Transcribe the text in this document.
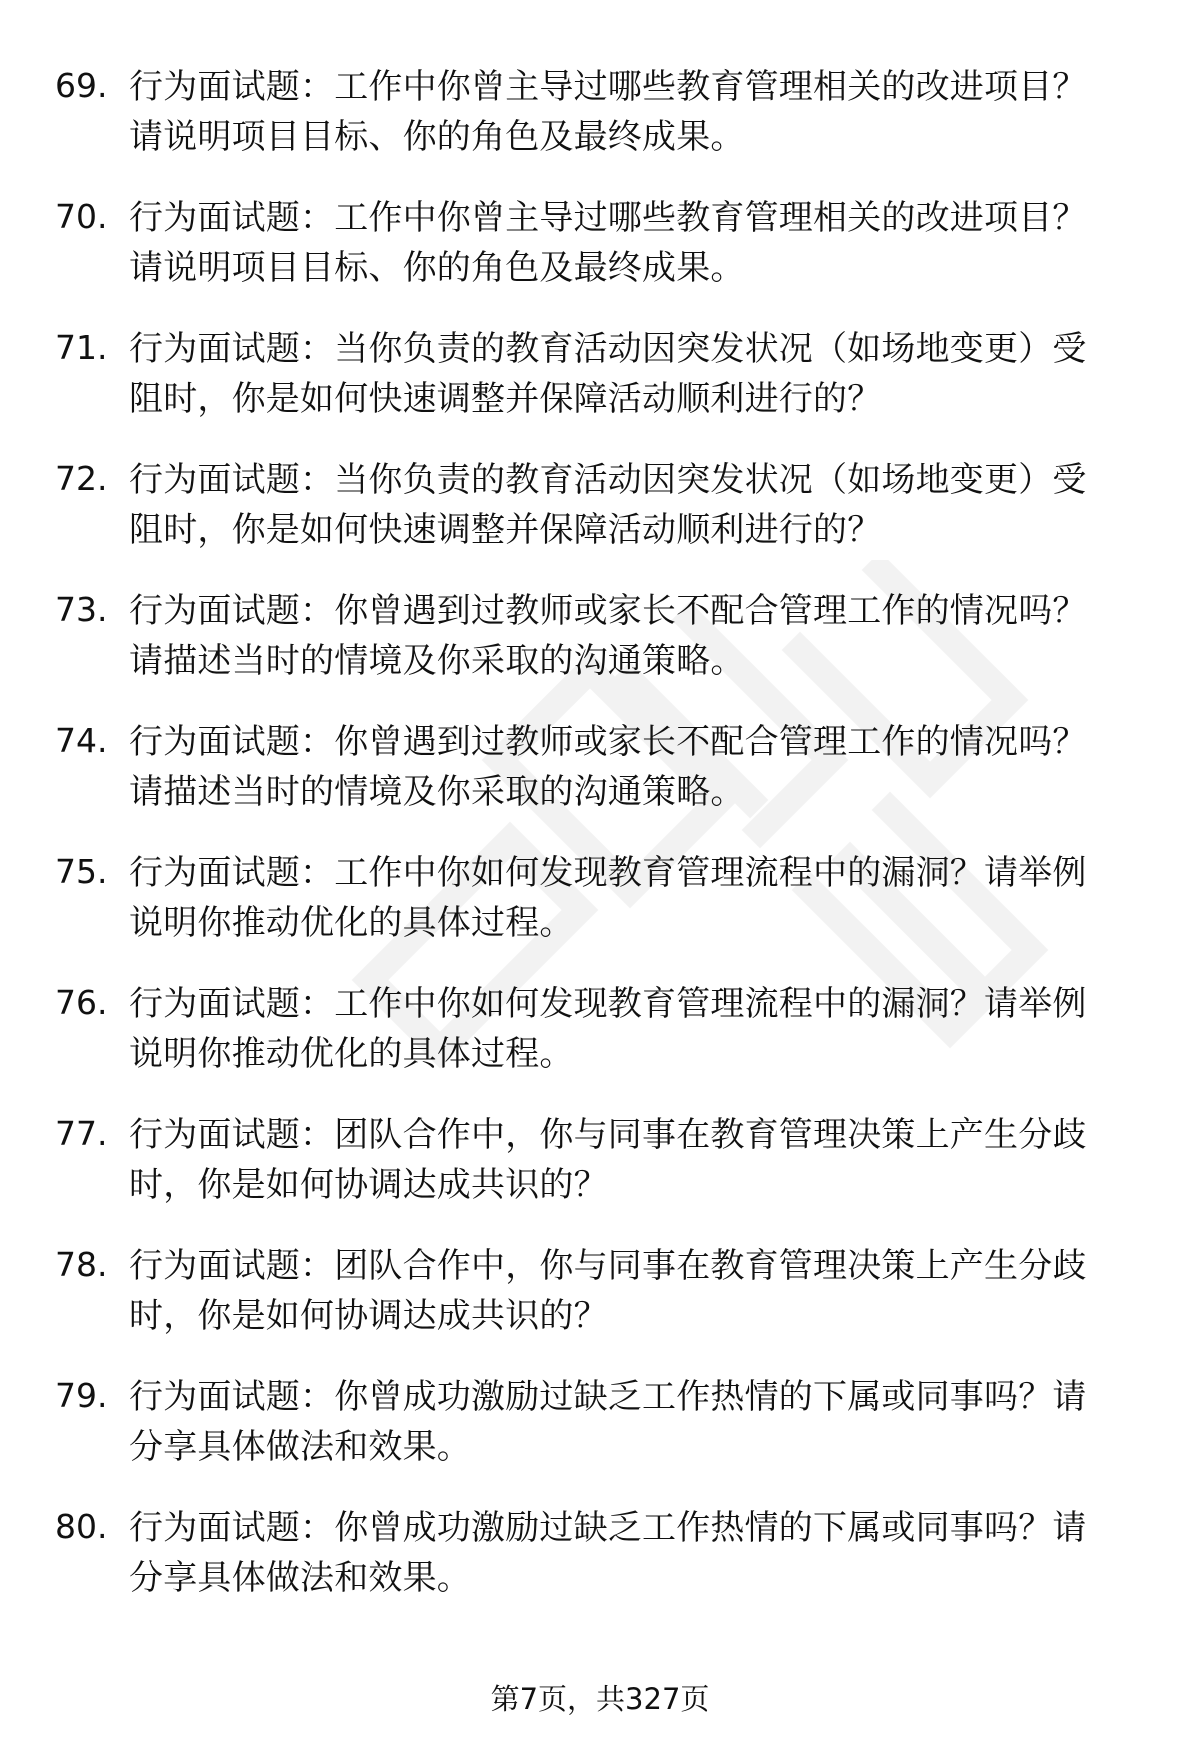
69. 行为面试题：工作中你曾主导过哪些教育管理相关的改进项目？
请说明项目目标、你的角色及最终成果。
70. 行为面试题：工作中你曾主导过哪些教育管理相关的改进项目？
请说明项目目标、你的角色及最终成果。
71. 行为面试题：当你负责的教育活动因突发状况（如场地变更）受
阻时，你是如何快速调整并保障活动顺利进行的？
72. 行为面试题：当你负责的教育活动因突发状况（如场地变更）受
阻时，你是如何快速调整并保障活动顺利进行的？
73. 行为面试题：你曾遇到过教师或家长不配合管理工作的情况吗？
请描述当时的情境及你采取的沟通策略。
74. 行为面试题：你曾遇到过教师或家长不配合管理工作的情况吗？
请描述当时的情境及你采取的沟通策略。
75. 行为面试题：工作中你如何发现教育管理流程中的漏洞？请举例
说明你推动优化的具体过程。
76. 行为面试题：工作中你如何发现教育管理流程中的漏洞？请举例
说明你推动优化的具体过程。
77. 行为面试题：团队合作中，你与同事在教育管理决策上产生分歧
时，你是如何协调达成共识的？
78. 行为面试题：团队合作中，你与同事在教育管理决策上产生分歧
时，你是如何协调达成共识的？
79. 行为面试题：你曾成功激励过缺乏工作热情的下属或同事吗？请
分享具体做法和效果。
80. 行为面试题：你曾成功激励过缺乏工作热情的下属或同事吗？请
分享具体做法和效果。
第7页，共327页
